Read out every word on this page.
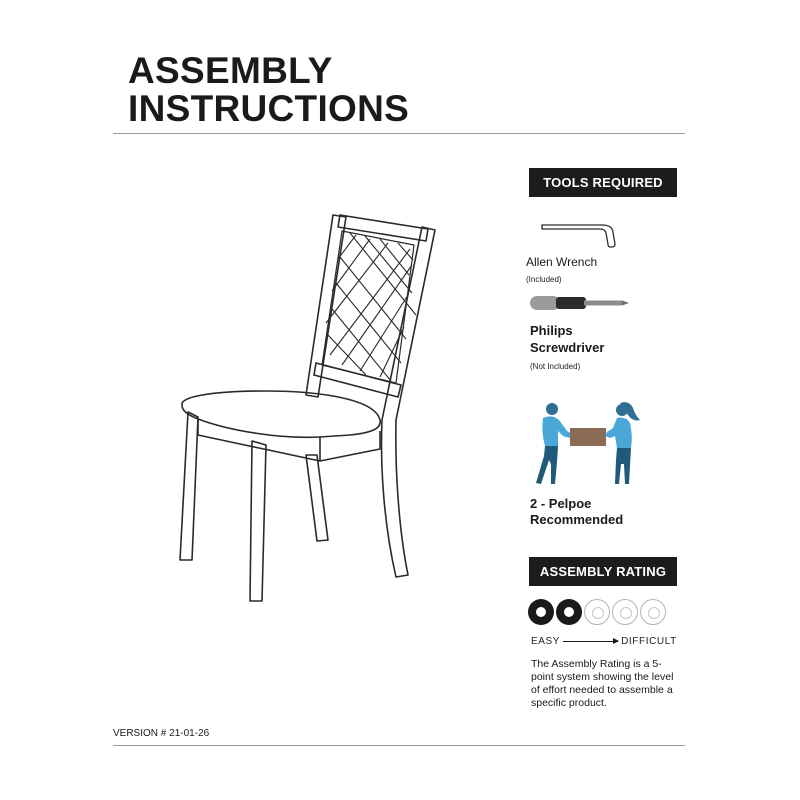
ASSEMBLY
INSTRUCTIONS
TOOLS REQUIRED
Allen Wrench
(Included)
Philips
Screwdriver
(Not Included)
2 - Pelpoe
Recommended
ASSEMBLY RATING
EASY	DIFFICULT
The Assembly Rating is a 5-point system showing the level of effort needed to assemble a specific product.
VERSION # 21-01-26
